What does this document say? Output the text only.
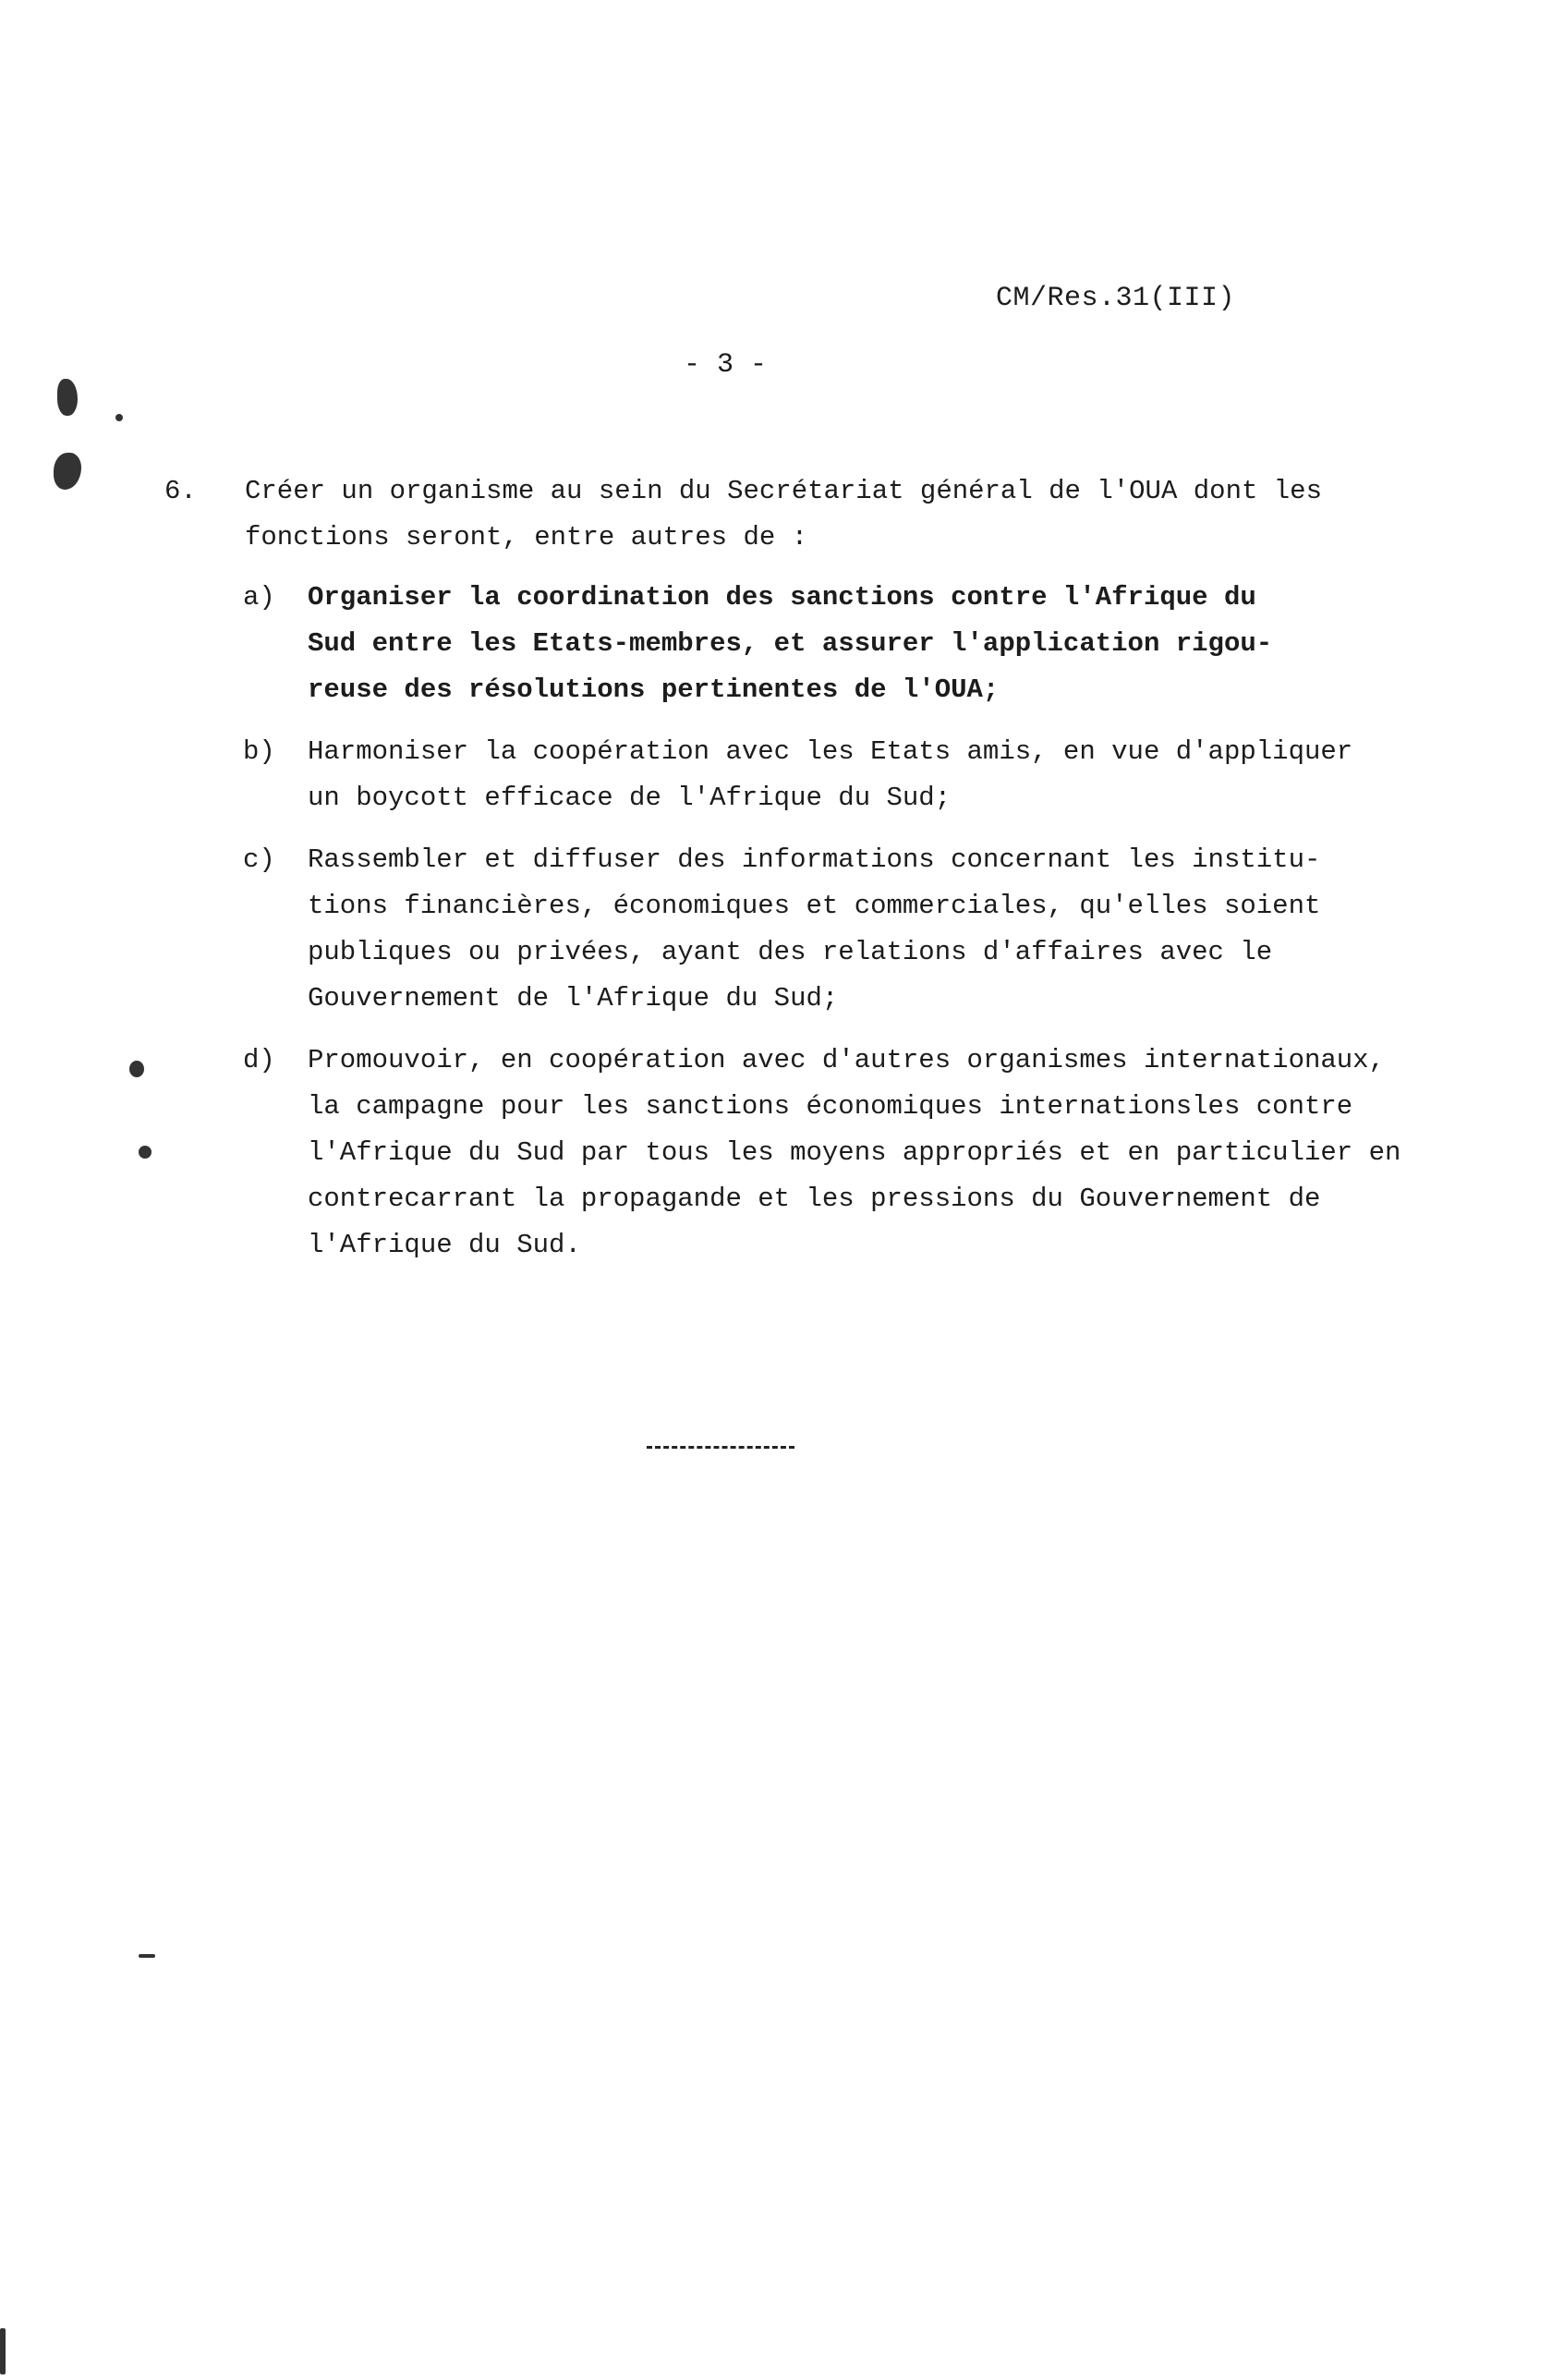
CM/Res.31(III)
- 3 -
6. Créer un organisme au sein du Secrétariat général de l'OUA dont les
fonctions seront, entre autres de :
a) Organiser la coordination des sanctions contre l'Afrique du
Sud entre les Etats-membres, et assurer l'application rigou-
reuse des résolutions pertinentes de l'OUA;
b) Harmoniser la coopération avec les Etats amis, en vue d'appliquer
un boycott efficace de l'Afrique du Sud;
c) Rassembler et diffuser des informations concernant les institu-
tions financières, économiques et commerciales, qu'elles soient
publiques ou privées, ayant des relations d'affaires avec le
Gouvernement de l'Afrique du Sud;
d) Promouvoir, en coopération avec d'autres organismes internationaux,
la campagne pour les sanctions économiques internationsles contre
l'Afrique du Sud par tous les moyens appropriés et en particulier en
contrecarrant la propagande et les pressions du Gouvernement de
l'Afrique du Sud.
